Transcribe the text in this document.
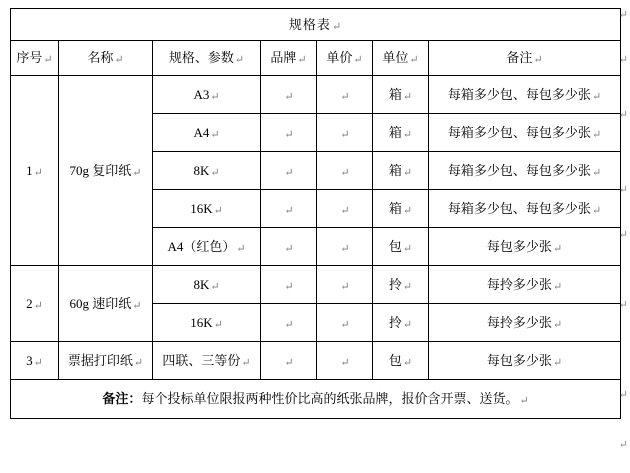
规格表↵
序号↵	名称↵	规格、参数↵	品牌↵	单价↵	单位↵	备注↵
1↵	70g 复印纸↵	A3↵	↵	↵	箱↵	每箱多少包、每包多少张↵
		A4↵	↵	↵	箱↵	每箱多少包、每包多少张↵
		8K↵	↵	↵	箱↵	每箱多少包、每包多少张↵
		16K↵	↵	↵	箱↵	每箱多少包、每包多少张↵
		A4（红色）↵	↵	↵	包↵	每包多少张↵
2↵	60g 速印纸↵	8K↵	↵	↵	拎↵	每拎多少张↵
		16K↵	↵	↵	拎↵	每拎多少张↵
3↵	票据打印纸↵	四联、三等份↵	↵	↵	包↵	每包多少张↵
备注：每个投标单位限报两种性价比高的纸张品牌，报价含开票、送货。↵
↵
↵
↵
↵
↵
↵
↵
↵
